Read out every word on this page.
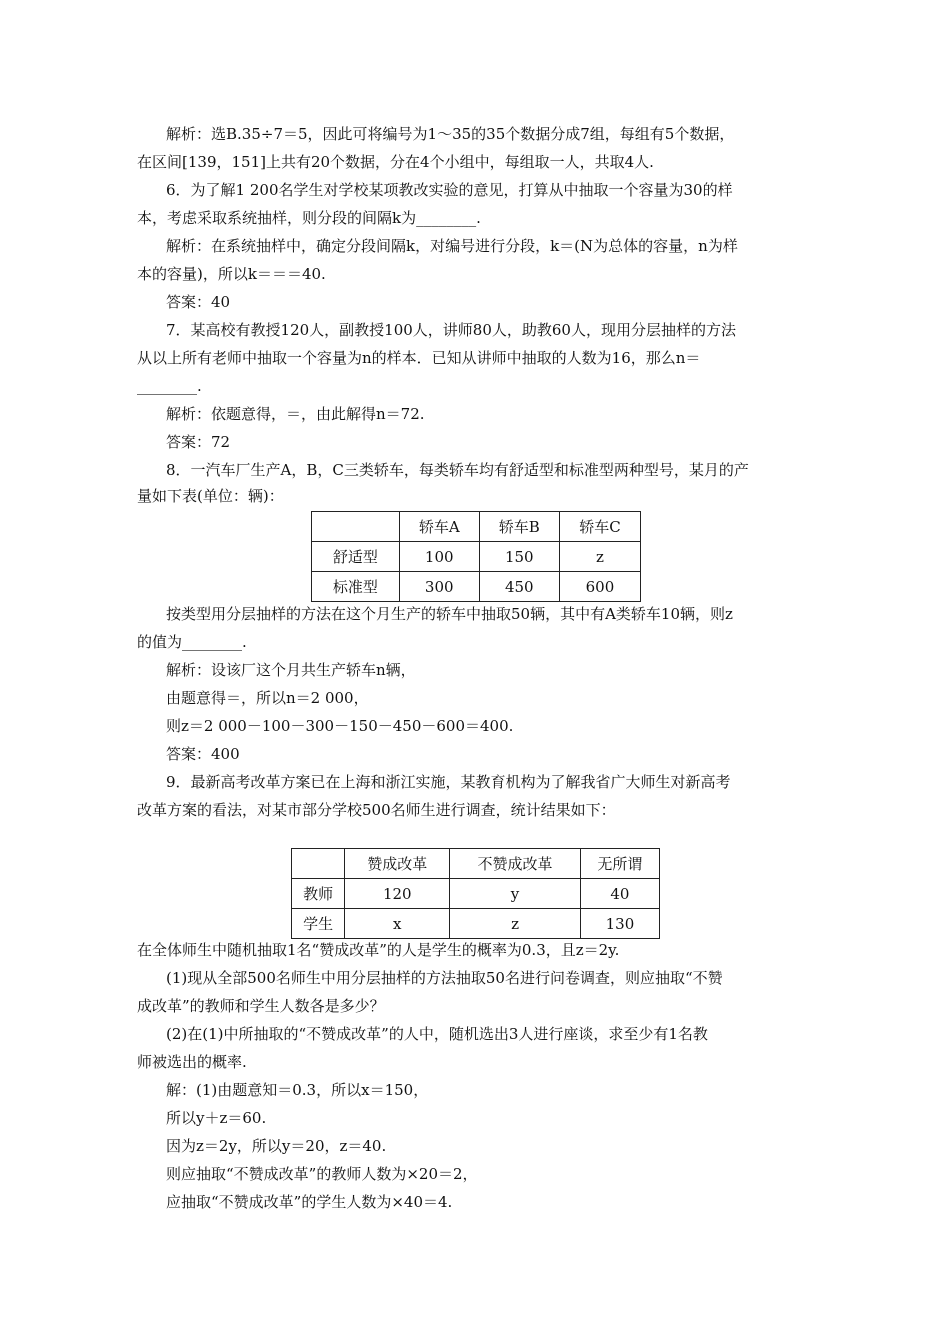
解析：选B.35÷7＝5，因此可将编号为1～35的35个数据分成7组，每组有5个数据，
在区间[139，151]上共有20个数据，分在4个小组中，每组取一人，共取4人.
6．为了解1 200名学生对学校某项教改实验的意见，打算从中抽取一个容量为30的样
本，考虑采取系统抽样，则分段的间隔k为________.
解析：在系统抽样中，确定分段间隔k，对编号进行分段，k＝(N为总体的容量，n为样
本的容量)，所以k＝＝＝40.
答案：40
7．某高校有教授120人，副教授100人，讲师80人，助教60人，现用分层抽样的方法
从以上所有老师中抽取一个容量为n的样本．已知从讲师中抽取的人数为16，那么n＝
________.
解析：依题意得，＝，由此解得n＝72.
答案：72
8．一汽车厂生产A，B，C三类轿车，每类轿车均有舒适型和标准型两种型号，某月的产
量如下表(单位：辆)：
	轿车A	轿车B	轿车C
舒适型	100	150	z
标准型	300	450	600
按类型用分层抽样的方法在这个月生产的轿车中抽取50辆，其中有A类轿车10辆，则z
的值为________.
解析：设该厂这个月共生产轿车n辆，
由题意得＝，所以n＝2 000，
则z＝2 000－100－300－150－450－600＝400.
答案：400
9．最新高考改革方案已在上海和浙江实施，某教育机构为了解我省广大师生对新高考
改革方案的看法，对某市部分学校500名师生进行调查，统计结果如下：
	赞成改革	不赞成改革	无所谓
教师	120	y	40
学生	x	z	130
在全体师生中随机抽取1名“赞成改革”的人是学生的概率为0.3，且z＝2y.
(1)现从全部500名师生中用分层抽样的方法抽取50名进行问卷调查，则应抽取“不赞
成改革”的教师和学生人数各是多少？
(2)在(1)中所抽取的“不赞成改革”的人中，随机选出3人进行座谈，求至少有1名教
师被选出的概率.
解：(1)由题意知＝0.3，所以x＝150，
所以y＋z＝60.
因为z＝2y，所以y＝20，z＝40.
则应抽取“不赞成改革”的教师人数为×20＝2，
应抽取“不赞成改革”的学生人数为×40＝4.
